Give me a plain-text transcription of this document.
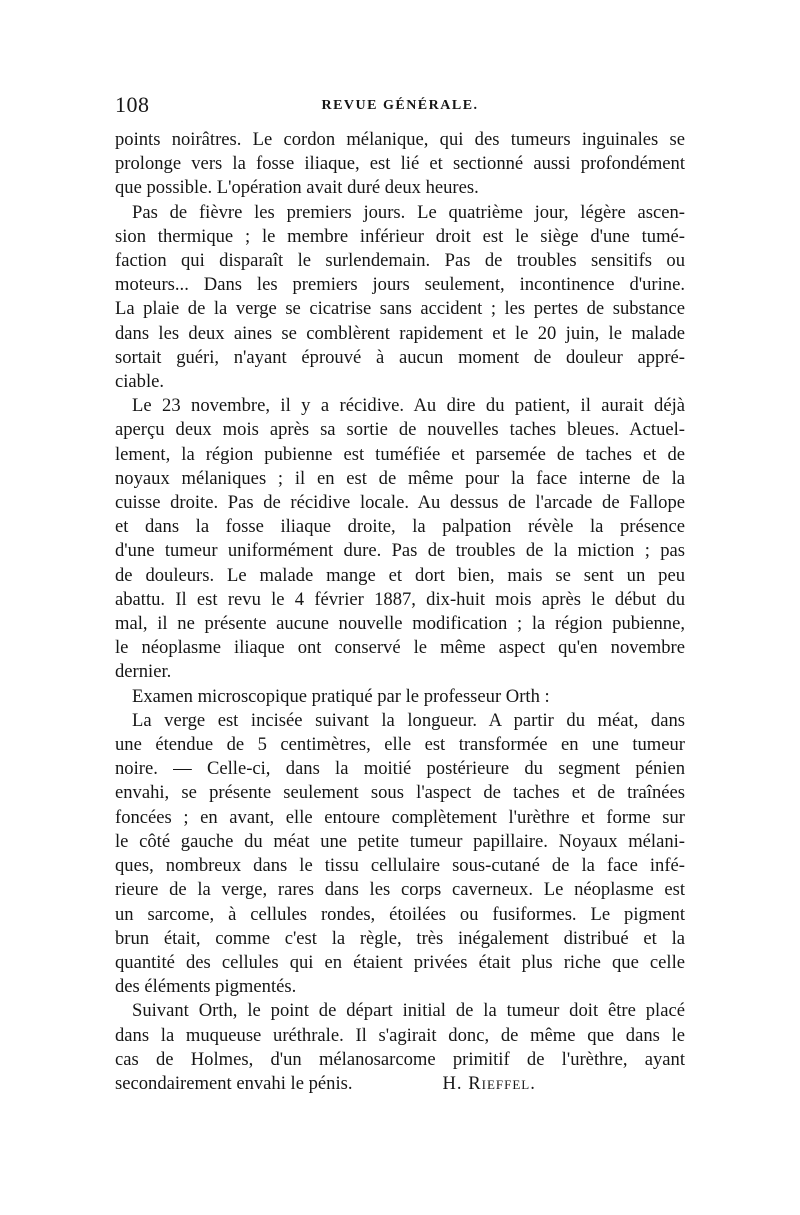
108	REVUE GÉNÉRALE.
points noirâtres. Le cordon mélanique, qui des tumeurs inguinales se
prolonge vers la fosse iliaque, est lié et sectionné aussi profondément
que possible. L'opération avait duré deux heures.
Pas de fièvre les premiers jours. Le quatrième jour, légère ascen-
sion thermique ; le membre inférieur droit est le siège d'une tumé-
faction qui disparaît le surlendemain. Pas de troubles sensitifs ou
moteurs... Dans les premiers jours seulement, incontinence d'urine.
La plaie de la verge se cicatrise sans accident ; les pertes de substance
dans les deux aines se comblèrent rapidement et le 20 juin, le malade
sortait guéri, n'ayant éprouvé à aucun moment de douleur appré-
ciable.
Le 23 novembre, il y a récidive. Au dire du patient, il aurait déjà
aperçu deux mois après sa sortie de nouvelles taches bleues. Actuel-
lement, la région pubienne est tuméfiée et parsemée de taches et de
noyaux mélaniques ; il en est de même pour la face interne de la
cuisse droite. Pas de récidive locale. Au dessus de l'arcade de Fallope
et dans la fosse iliaque droite, la palpation révèle la présence
d'une tumeur uniformément dure. Pas de troubles de la miction ; pas
de douleurs. Le malade mange et dort bien, mais se sent un peu
abattu. Il est revu le 4 février 1887, dix-huit mois après le début du
mal, il ne présente aucune nouvelle modification ; la région pubienne,
le néoplasme iliaque ont conservé le même aspect qu'en novembre
dernier.
Examen microscopique pratiqué par le professeur Orth :
La verge est incisée suivant la longueur. A partir du méat, dans
une étendue de 5 centimètres, elle est transformée en une tumeur
noire. — Celle-ci, dans la moitié postérieure du segment pénien
envahi, se présente seulement sous l'aspect de taches et de traînées
foncées ; en avant, elle entoure complètement l'urèthre et forme sur
le côté gauche du méat une petite tumeur papillaire. Noyaux mélani-
ques, nombreux dans le tissu cellulaire sous-cutané de la face infé-
rieure de la verge, rares dans les corps caverneux. Le néoplasme est
un sarcome, à cellules rondes, étoilées ou fusiformes. Le pigment
brun était, comme c'est la règle, très inégalement distribué et la
quantité des cellules qui en étaient privées était plus riche que celle
des éléments pigmentés.
Suivant Orth, le point de départ initial de la tumeur doit être placé
dans la muqueuse uréthrale. Il s'agirait donc, de même que dans le
cas de Holmes, d'un mélanosarcome primitif de l'urèthre, ayant
secondairement envahi le pénis.	H. Rieffel.
